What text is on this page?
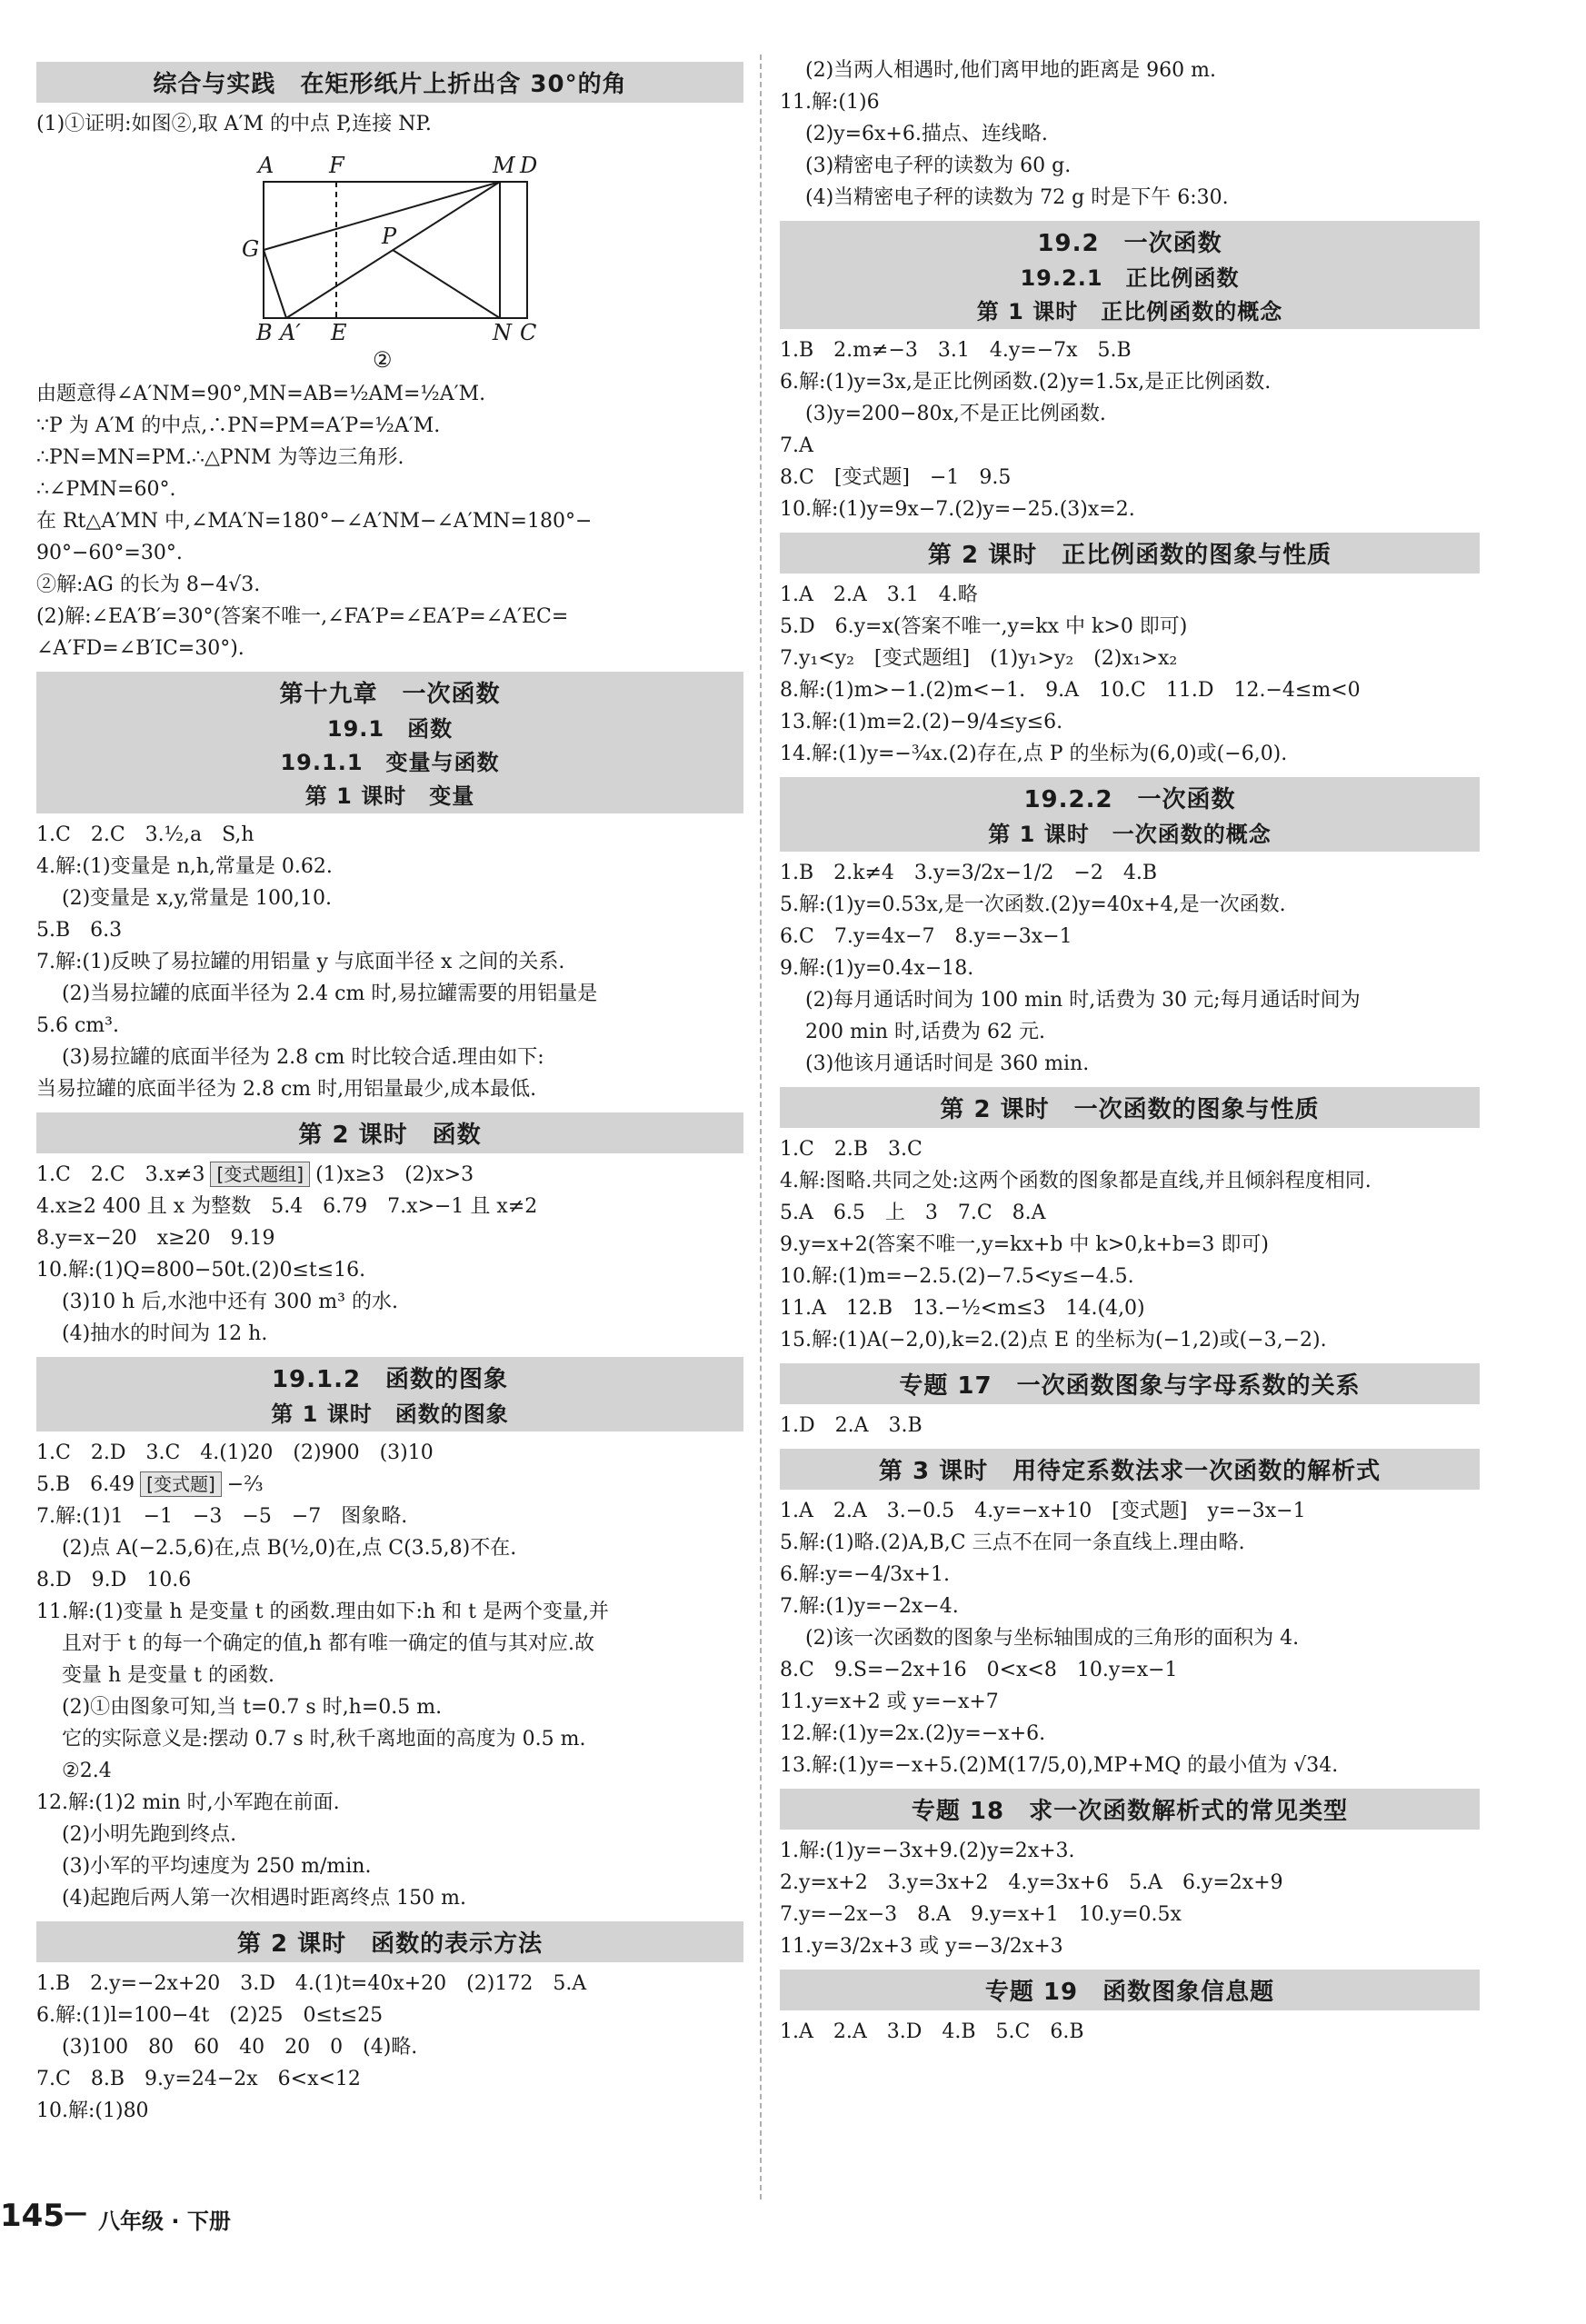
综合与实践　在矩形纸片上折出含 30°的角
(1)①证明:如图②,取 A′M 的中点 P,连接 NP.
A	F	M D
G	P
B A′ E	N C
②
由题意得∠A′NM=90°,MN=AB=½AM=½A′M.
∵P 为 A′M 的中点,∴PN=PM=A′P=½A′M.
∴PN=MN=PM.∴△PNM 为等边三角形.
∴∠PMN=60°.
在 Rt△A′MN 中,∠MA′N=180°−∠A′NM−∠A′MN=180°−
90°−60°=30°.
②解:AG 的长为 8−4√3.
(2)解:∠EA′B′=30°(答案不唯一,∠FA′P=∠EA′P=∠A′EC=
∠A′FD=∠B′IC=30°).
第十九章　一次函数
19.1　函数
19.1.1　变量与函数
第 1 课时　变量
1.C　2.C　3.½,a　S,h
4.解:(1)变量是 n,h,常量是 0.62.
(2)变量是 x,y,常量是 100,10.
5.B　6.3
7.解:(1)反映了易拉罐的用铝量 y 与底面半径 x 之间的关系.
(2)当易拉罐的底面半径为 2.4 cm 时,易拉罐需要的用铝量是
5.6 cm³.
(3)易拉罐的底面半径为 2.8 cm 时比较合适.理由如下:
当易拉罐的底面半径为 2.8 cm 时,用铝量最少,成本最低.
第 2 课时　函数
1.C　2.C　3.x≠3 [变式题组] (1)x≥3　(2)x>3
4.x≥2 400 且 x 为整数　5.4　6.79　7.x>−1 且 x≠2
8.y=x−20　x≥20　9.19
10.解:(1)Q=800−50t.(2)0≤t≤16.
(3)10 h 后,水池中还有 300 m³ 的水.
(4)抽水的时间为 12 h.
19.1.2　函数的图象
第 1 课时　函数的图象
1.C　2.D　3.C　4.(1)20　(2)900　(3)10
5.B　6.49 [变式题] −⅔
7.解:(1)1　−1　−3　−5　−7　图象略.
(2)点 A(−2.5,6)在,点 B(½,0)在,点 C(3.5,8)不在.
8.D　9.D　10.6
11.解:(1)变量 h 是变量 t 的函数.理由如下:h 和 t 是两个变量,并
且对于 t 的每一个确定的值,h 都有唯一确定的值与其对应.故
变量 h 是变量 t 的函数.
(2)①由图象可知,当 t=0.7 s 时,h=0.5 m.
它的实际意义是:摆动 0.7 s 时,秋千离地面的高度为 0.5 m.
②2.4
12.解:(1)2 min 时,小军跑在前面.
(2)小明先跑到终点.
(3)小军的平均速度为 250 m/min.
(4)起跑后两人第一次相遇时距离终点 150 m.
第 2 课时　函数的表示方法
1.B　2.y=−2x+20　3.D　4.(1)t=40x+20　(2)172　5.A
6.解:(1)l=100−4t　(2)25　0≤t≤25
(3)100　80　60　40　20　0　(4)略.
7.C　8.B　9.y=24−2x　6<x<12
10.解:(1)80
(2)当两人相遇时,他们离甲地的距离是 960 m.
11.解:(1)6
(2)y=6x+6.描点、连线略.
(3)精密电子秤的读数为 60 g.
(4)当精密电子秤的读数为 72 g 时是下午 6:30.
19.2　一次函数
19.2.1　正比例函数
第 1 课时　正比例函数的概念
1.B　2.m≠−3　3.1　4.y=−7x　5.B
6.解:(1)y=3x,是正比例函数.(2)y=1.5x,是正比例函数.
(3)y=200−80x,不是正比例函数.
7.A
8.C　[变式题]　−1　9.5
10.解:(1)y=9x−7.(2)y=−25.(3)x=2.
第 2 课时　正比例函数的图象与性质
1.A　2.A　3.1　4.略
5.D　6.y=x(答案不唯一,y=kx 中 k>0 即可)
7.y₁<y₂　[变式题组]　(1)y₁>y₂　(2)x₁>x₂
8.解:(1)m>−1.(2)m<−1.　9.A　10.C　11.D　12.−4≤m<0
13.解:(1)m=2.(2)−9/4≤y≤6.
14.解:(1)y=−¾x.(2)存在,点 P 的坐标为(6,0)或(−6,0).
19.2.2　一次函数
第 1 课时　一次函数的概念
1.B　2.k≠4　3.y=3/2x−1/2　−2　4.B
5.解:(1)y=0.53x,是一次函数.(2)y=40x+4,是一次函数.
6.C　7.y=4x−7　8.y=−3x−1
9.解:(1)y=0.4x−18.
(2)每月通话时间为 100 min 时,话费为 30 元;每月通话时间为
200 min 时,话费为 62 元.
(3)他该月通话时间是 360 min.
第 2 课时　一次函数的图象与性质
1.C　2.B　3.C
4.解:图略.共同之处:这两个函数的图象都是直线,并且倾斜程度相同.
5.A　6.5　上　3　7.C　8.A
9.y=x+2(答案不唯一,y=kx+b 中 k>0,k+b=3 即可)
10.解:(1)m=−2.5.(2)−7.5<y≤−4.5.
11.A　12.B　13.−½<m≤3　14.(4,0)
15.解:(1)A(−2,0),k=2.(2)点 E 的坐标为(−1,2)或(−3,−2).
专题 17　一次函数图象与字母系数的关系
1.D　2.A　3.B
第 3 课时　用待定系数法求一次函数的解析式
1.A　2.A　3.−0.5　4.y=−x+10　[变式题]　y=−3x−1
5.解:(1)略.(2)A,B,C 三点不在同一条直线上.理由略.
6.解:y=−4/3x+1.
7.解:(1)y=−2x−4.
(2)该一次函数的图象与坐标轴围成的三角形的面积为 4.
8.C　9.S=−2x+16　0<x<8　10.y=x−1
11.y=x+2 或 y=−x+7
12.解:(1)y=2x.(2)y=−x+6.
13.解:(1)y=−x+5.(2)M(17/5,0),MP+MQ 的最小值为 √34.
专题 18　求一次函数解析式的常见类型
1.解:(1)y=−3x+9.(2)y=2x+3.
2.y=x+2　3.y=3x+2　4.y=3x+6　5.A　6.y=2x+9
7.y=−2x−3　8.A　9.y=x+1　10.y=0.5x
11.y=3/2x+3 或 y=−3/2x+3
专题 19　函数图象信息题
1.A　2.A　3.D　4.B　5.C　6.B
145 — 八年级 · 下册
